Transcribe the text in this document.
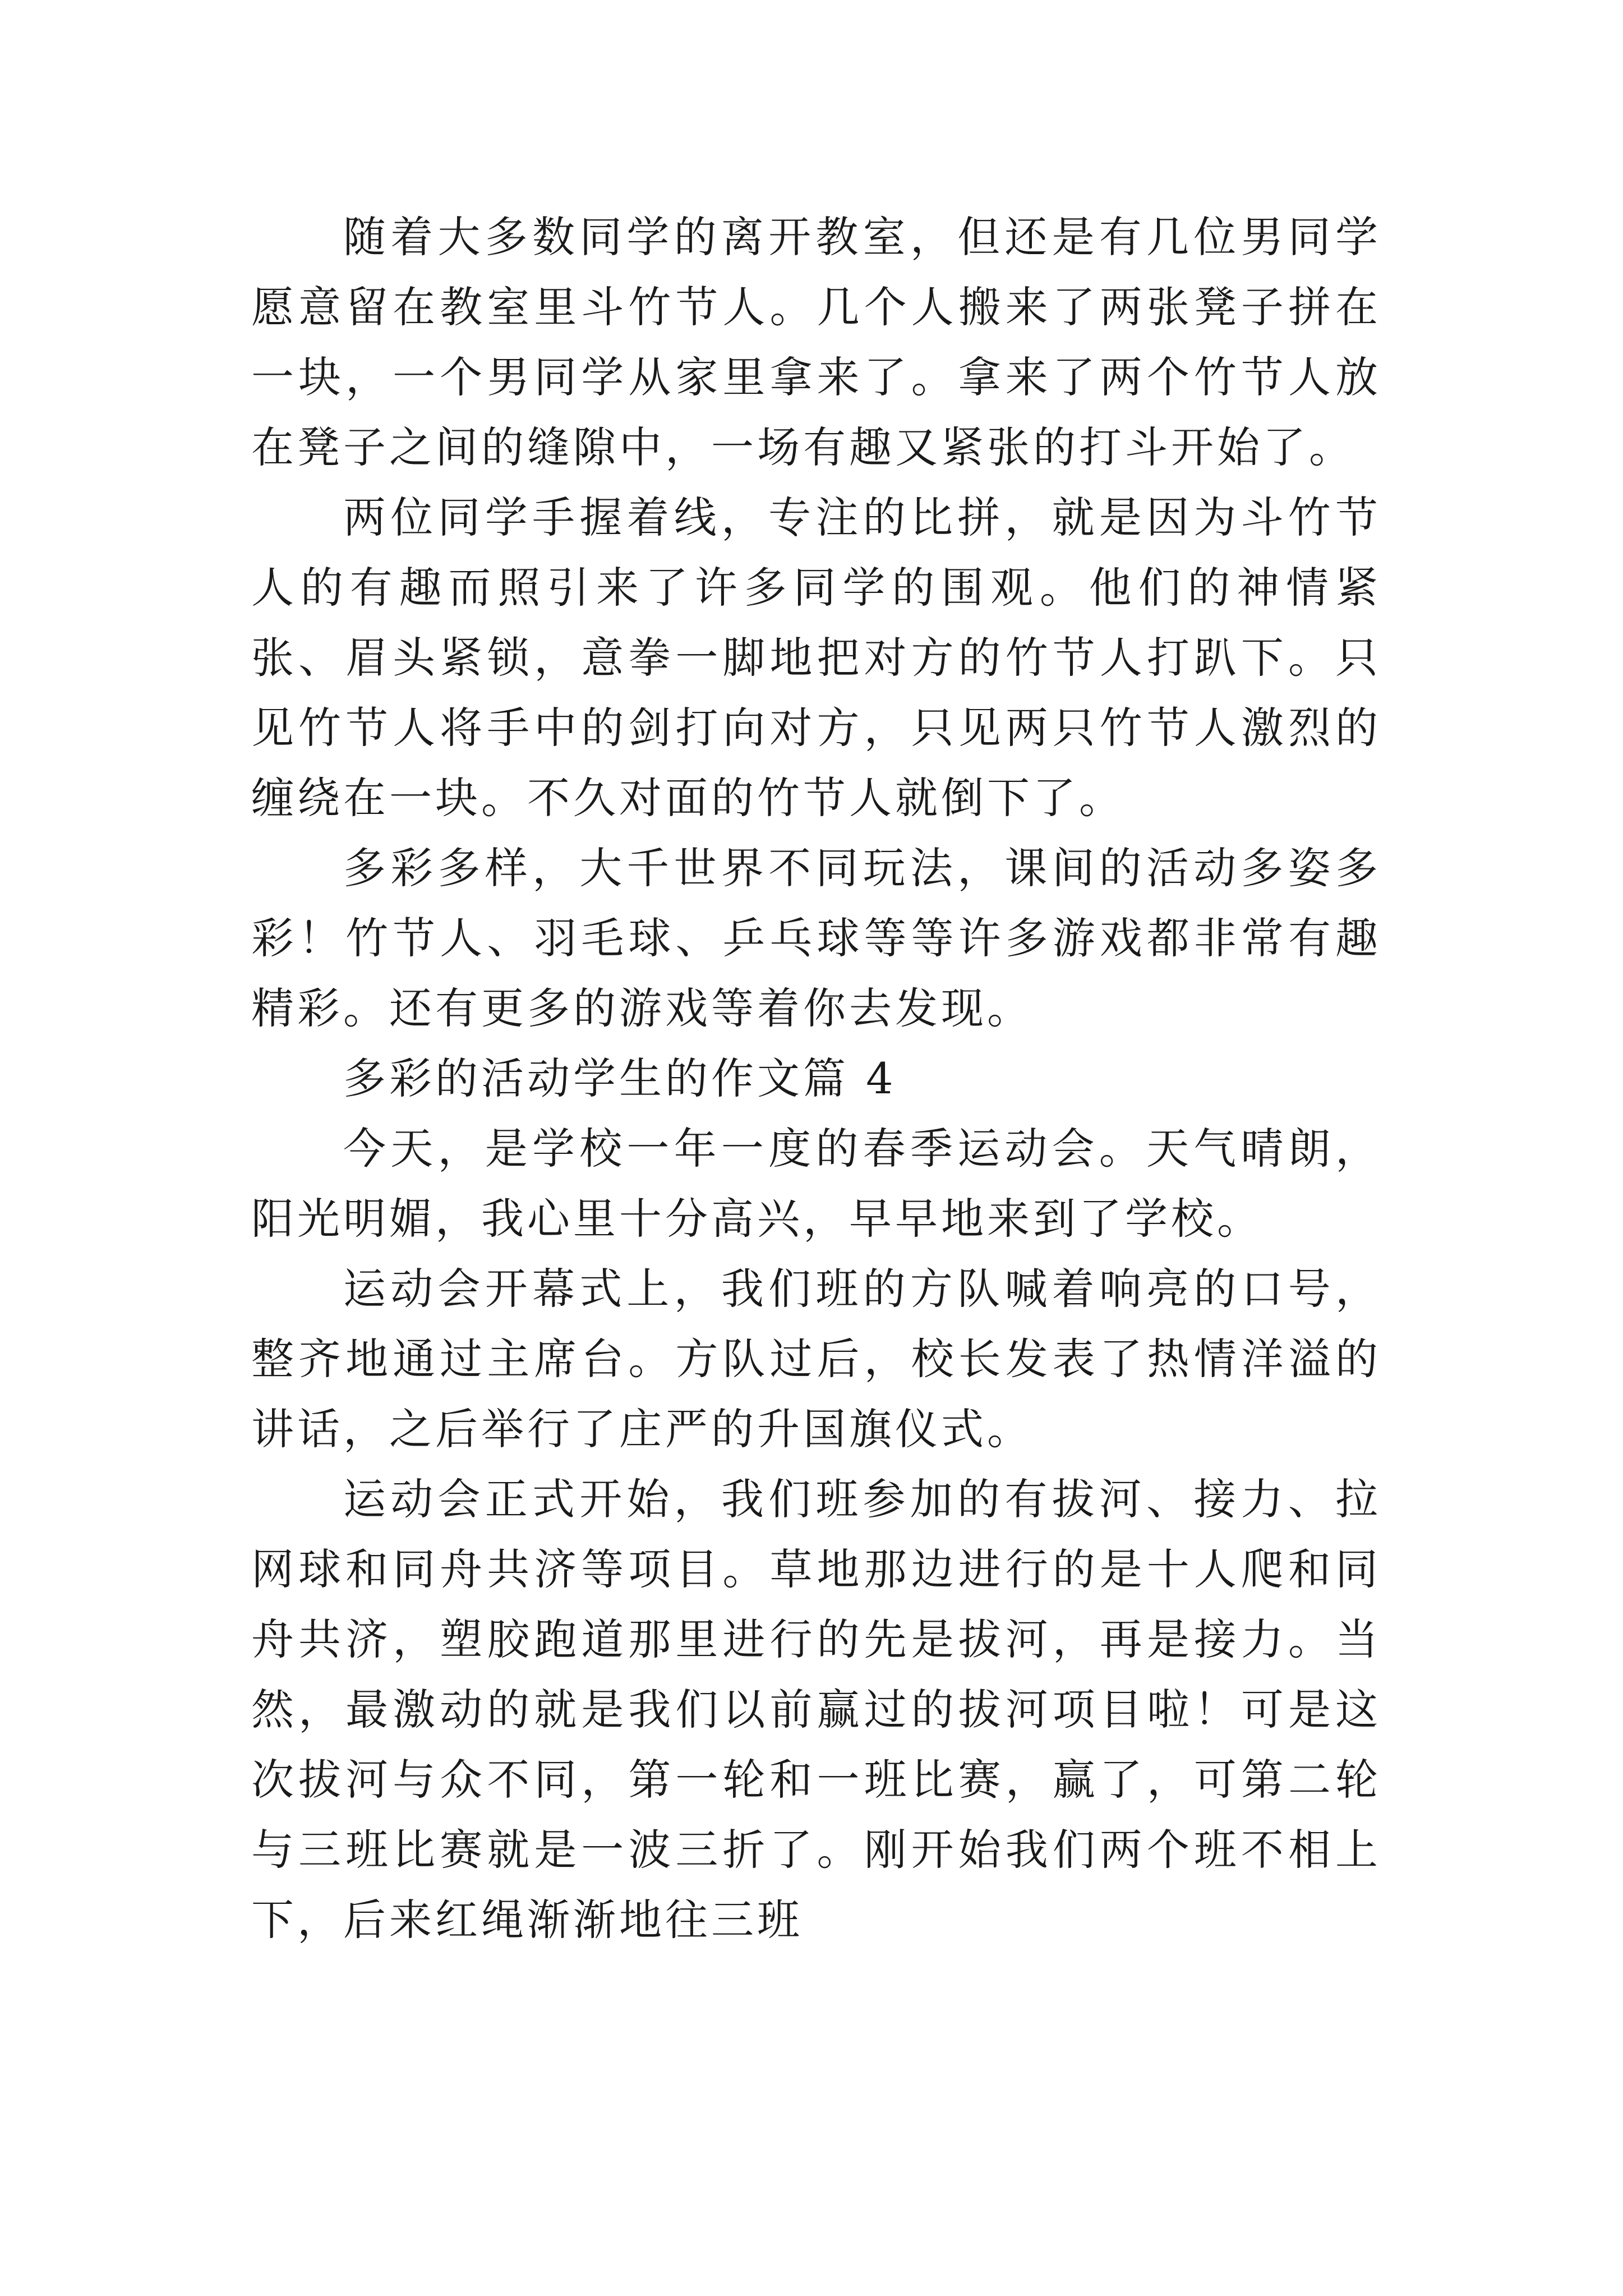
随着大多数同学的离开教室，但还是有几位男同学愿意留在教室里斗竹节人。几个人搬来了两张凳子拼在一块，一个男同学从家里拿来了。拿来了两个竹节人放在凳子之间的缝隙中，一场有趣又紧张的打斗开始了。

两位同学手握着线，专注的比拼，就是因为斗竹节人的有趣而照引来了许多同学的围观。他们的神情紧张、眉头紧锁，意拳一脚地把对方的竹节人打趴下。只见竹节人将手中的剑打向对方，只见两只竹节人激烈的缠绕在一块。不久对面的竹节人就倒下了。

多彩多样，大千世界不同玩法，课间的活动多姿多彩！竹节人、羽毛球、乒乓球等等许多游戏都非常有趣精彩。还有更多的游戏等着你去发现。

多彩的活动学生的作文篇 4

今天，是学校一年一度的春季运动会。天气晴朗，阳光明媚，我心里十分高兴，早早地来到了学校。

运动会开幕式上，我们班的方队喊着响亮的口号，整齐地通过主席台。方队过后，校长发表了热情洋溢的讲话，之后举行了庄严的升国旗仪式。

运动会正式开始，我们班参加的有拔河、接力、拉网球和同舟共济等项目。草地那边进行的是十人爬和同舟共济，塑胶跑道那里进行的先是拔河，再是接力。当然，最激动的就是我们以前赢过的拔河项目啦！可是这次拔河与众不同，第一轮和一班比赛，赢了，可第二轮与三班比赛就是一波三折了。刚开始我们两个班不相上下，后来红绳渐渐地往三班
